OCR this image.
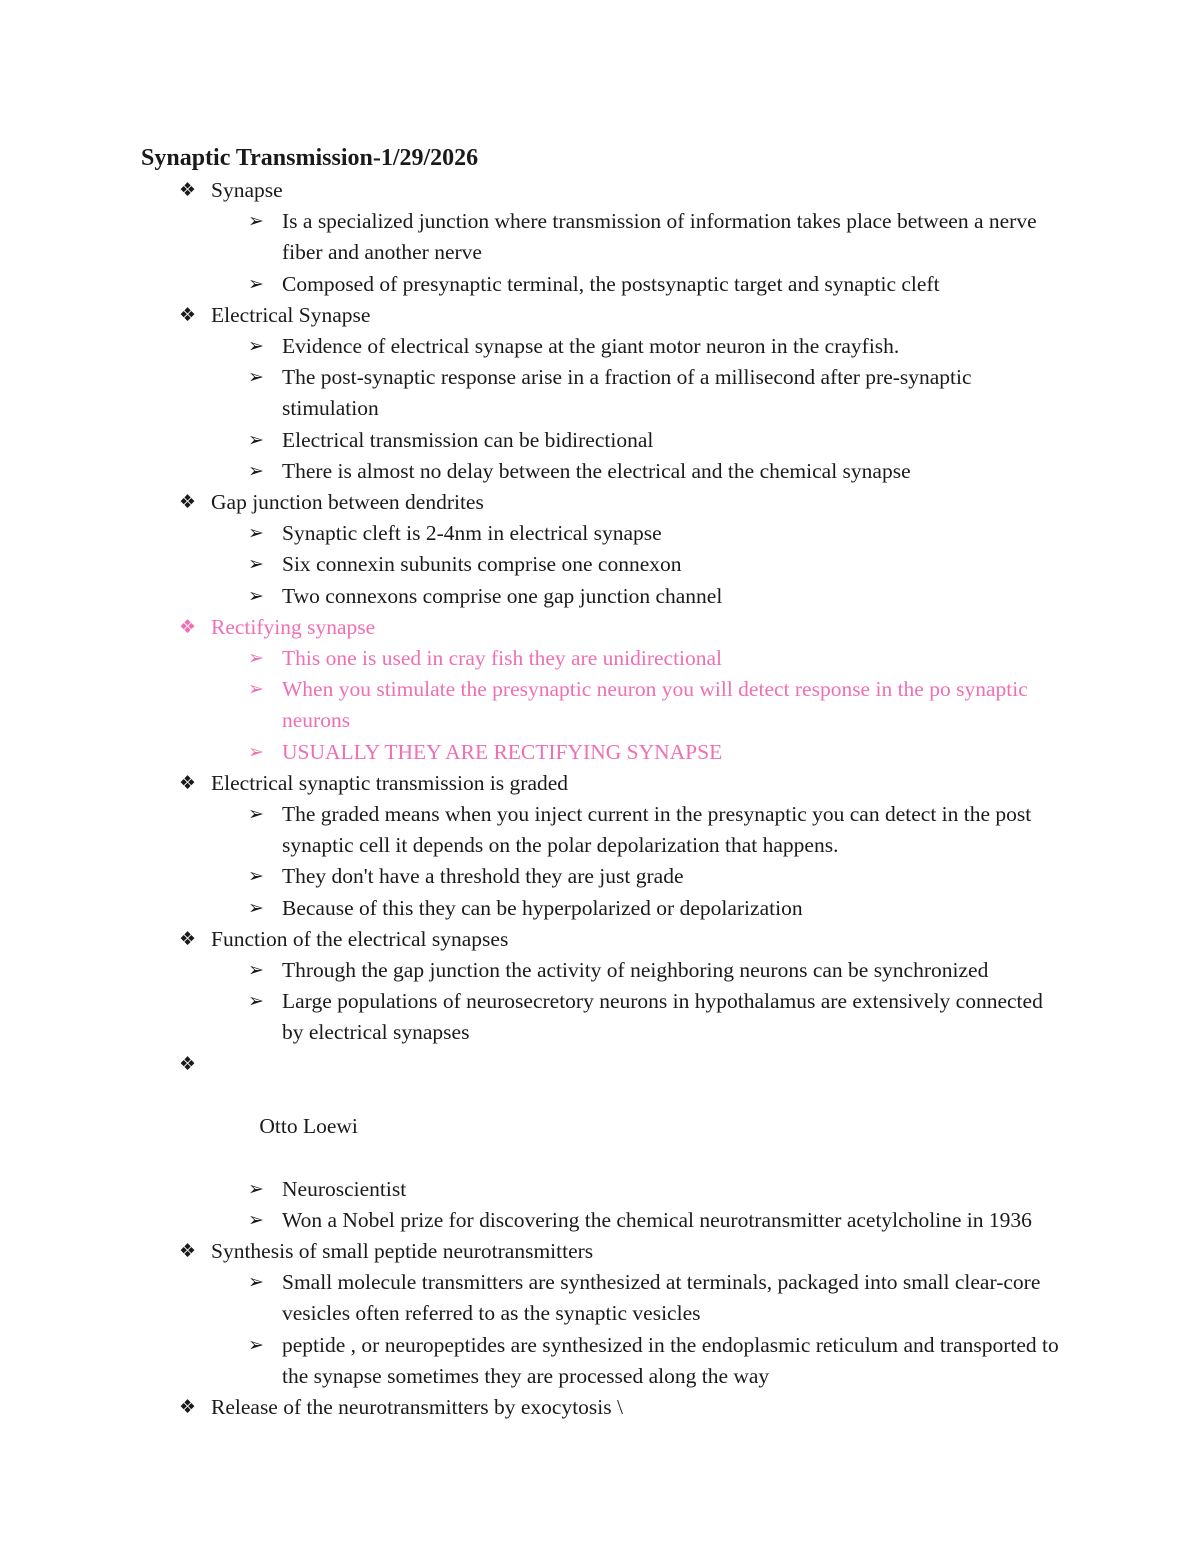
Synaptic Transmission-1/29/2026
❖ Synapse
➢ Is a specialized junction where transmission of information takes place between a nerve fiber and another nerve
➢ Composed of presynaptic terminal, the postsynaptic target and synaptic cleft
❖ Electrical Synapse
➢ Evidence of electrical synapse at the giant motor neuron in the crayfish.
➢ The post-synaptic response arise in a fraction of a millisecond after pre-synaptic stimulation
➢ Electrical transmission can be bidirectional
➢ There is almost no delay between the electrical and the chemical synapse
❖ Gap junction between dendrites
➢ Synaptic cleft is 2-4nm in electrical synapse
➢ Six connexin subunits comprise one connexon
➢ Two connexons comprise one gap junction channel
❖ Rectifying synapse
➢ This one is used in cray fish they are unidirectional
➢ When you stimulate the presynaptic neuron you will detect response in the po synaptic neurons
➢ USUALLY THEY ARE RECTIFYING SYNAPSE
❖ Electrical synaptic transmission is graded
➢ The graded means when you inject current in the presynaptic you can detect in the post synaptic cell it depends on the polar depolarization that happens.
➢ They don't have a threshold they are just grade
➢ Because of this they can be hyperpolarized or depolarization
❖ Function of the electrical synapses
➢ Through the gap junction the activity of neighboring neurons can be synchronized
➢ Large populations of neurosecretory neurons in hypothalamus are extensively connected by electrical synapses

❖

Otto Loewi

➢ Neuroscientist
➢ Won a Nobel prize for discovering the chemical neurotransmitter acetylcholine in 1936
❖ Synthesis of small peptide neurotransmitters
➢ Small molecule transmitters are synthesized at terminals, packaged into small clear-core vesicles often referred to as the synaptic vesicles
➢ peptide , or neuropeptides are synthesized in the endoplasmic reticulum and transported to the synapse sometimes they are processed along the way
❖ Release of the neurotransmitters by exocytosis \
